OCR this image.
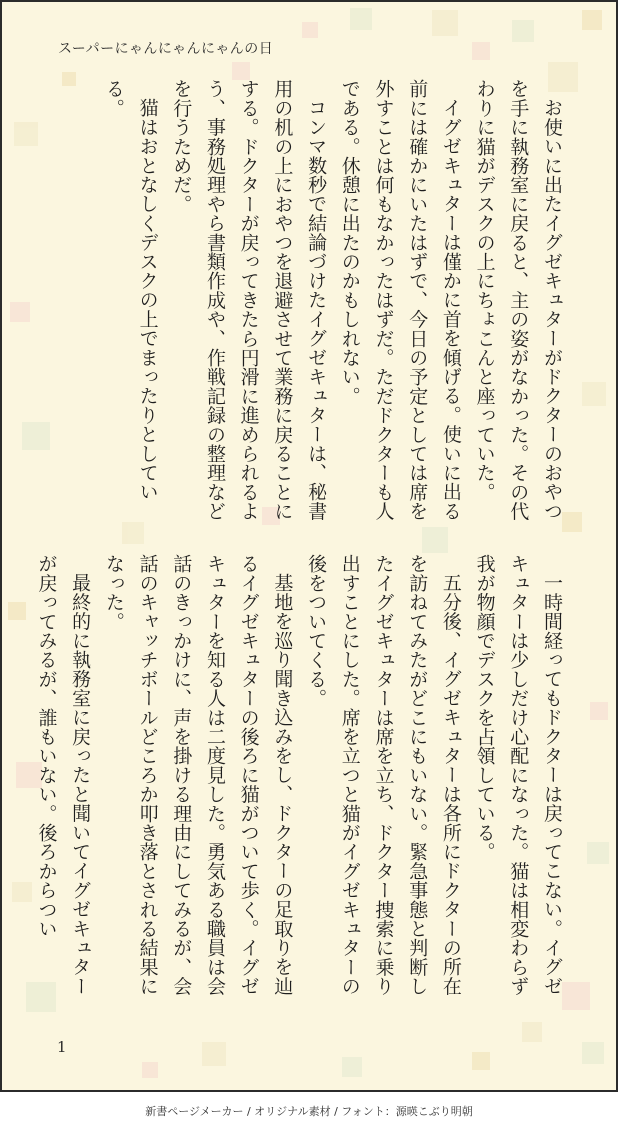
スーパーにゃんにゃんにゃんの日

お使いに出たイグゼキュターがドクターのおやつを手に執務室に戻ると、主の姿がなかった。その代わりに猫がデスクの上にちょこんと座っていた。

イグゼキュターは僅かに首を傾げる。使いに出る前には確かにいたはずで、今日の予定としては席を外すことは何もなかったはずだ。ただドクターも人である。休憩に出たのかもしれない。

コンマ数秒で結論づけたイグゼキュターは、秘書用の机の上におやつを退避させて業務に戻ることにする。ドクターが戻ってきたら円滑に進められるよう、事務処理やら書類作成や、作戦記録の整理などを行うためだ。

猫はおとなしくデスクの上でまったりとしている。

一時間経ってもドクターは戻ってこない。イグゼキュターは少しだけ心配になった。猫は相変わらず我が物顔でデスクを占領している。

五分後、イグゼキュターは各所にドクターの所在を訪ねてみたがどこにもいない。緊急事態と判断したイグゼキュターは席を立ち、ドクター捜索に乗り出すことにした。席を立つと猫がイグゼキュターの後をついてくる。

基地を巡り聞き込みをし、ドクターの足取りを辿るイグゼキュターの後ろに猫がついて歩く。イグゼキュターを知る人は二度見した。勇気ある職員は会話のきっかけに、声を掛ける理由にしてみるが、会話のキャッチボールどころか叩き落とされる結果になった。

最終的に執務室に戻ったと聞いてイグゼキュターが戻ってみるが、誰もいない。後ろからつい

1
新書ページメーカー / オリジナル素材 / フォント：源暎こぶり明朝
